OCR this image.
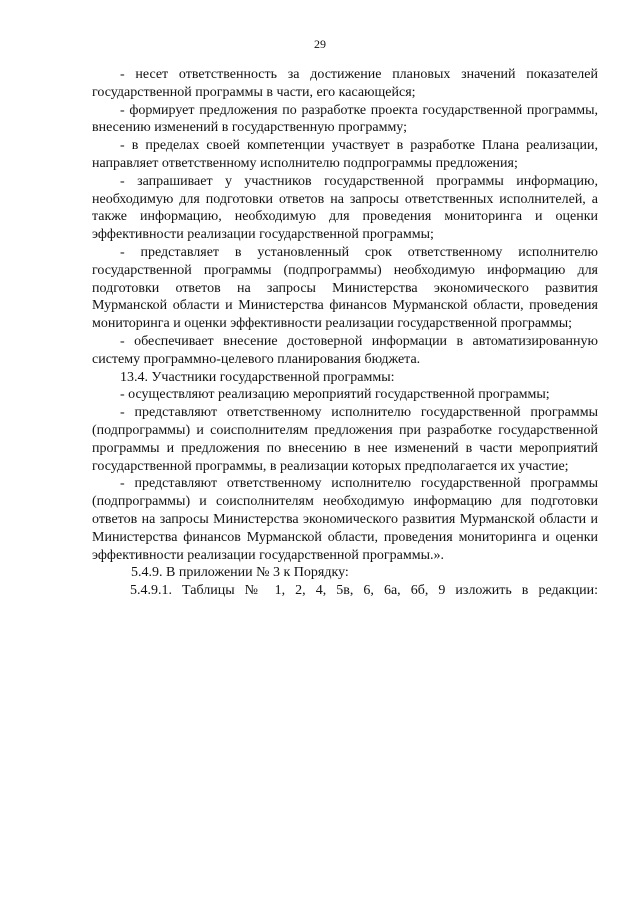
29

- несет ответственность за достижение плановых значений показателей государственной программы в части, его касающейся;

- формирует предложения по разработке проекта государственной программы, внесению изменений в государственную программу;

- в пределах своей компетенции участвует в разработке Плана реализации, направляет ответственному исполнителю подпрограммы предложения;

- запрашивает у участников государственной программы информацию, необходимую для подготовки ответов на запросы ответственных исполнителей, а также информацию, необходимую для проведения мониторинга и оценки эффективности реализации государственной программы;

- представляет в установленный срок ответственному исполнителю государственной программы (подпрограммы) необходимую информацию для подготовки ответов на запросы Министерства экономического развития Мурманской области и Министерства финансов Мурманской области, проведения мониторинга и оценки эффективности реализации государственной программы;

- обеспечивает внесение достоверной информации в автоматизированную систему программно-целевого планирования бюджета.

13.4. Участники государственной программы:

- осуществляют реализацию мероприятий государственной программы;

- представляют ответственному исполнителю государственной программы (подпрограммы) и соисполнителям предложения при разработке государственной программы и предложения по внесению в нее изменений в части мероприятий государственной программы, в реализации которых предполагается их участие;

- представляют ответственному исполнителю государственной программы (подпрограммы) и соисполнителям необходимую информацию для подготовки ответов на запросы Министерства экономического развития Мурманской области и Министерства финансов Мурманской области, проведения мониторинга и оценки эффективности реализации государственной программы.».

5.4.9. В приложении № 3 к Порядку:

5.4.9.1. Таблицы № 1, 2, 4, 5в, 6, 6а, 6б, 9 изложить в редакции:
